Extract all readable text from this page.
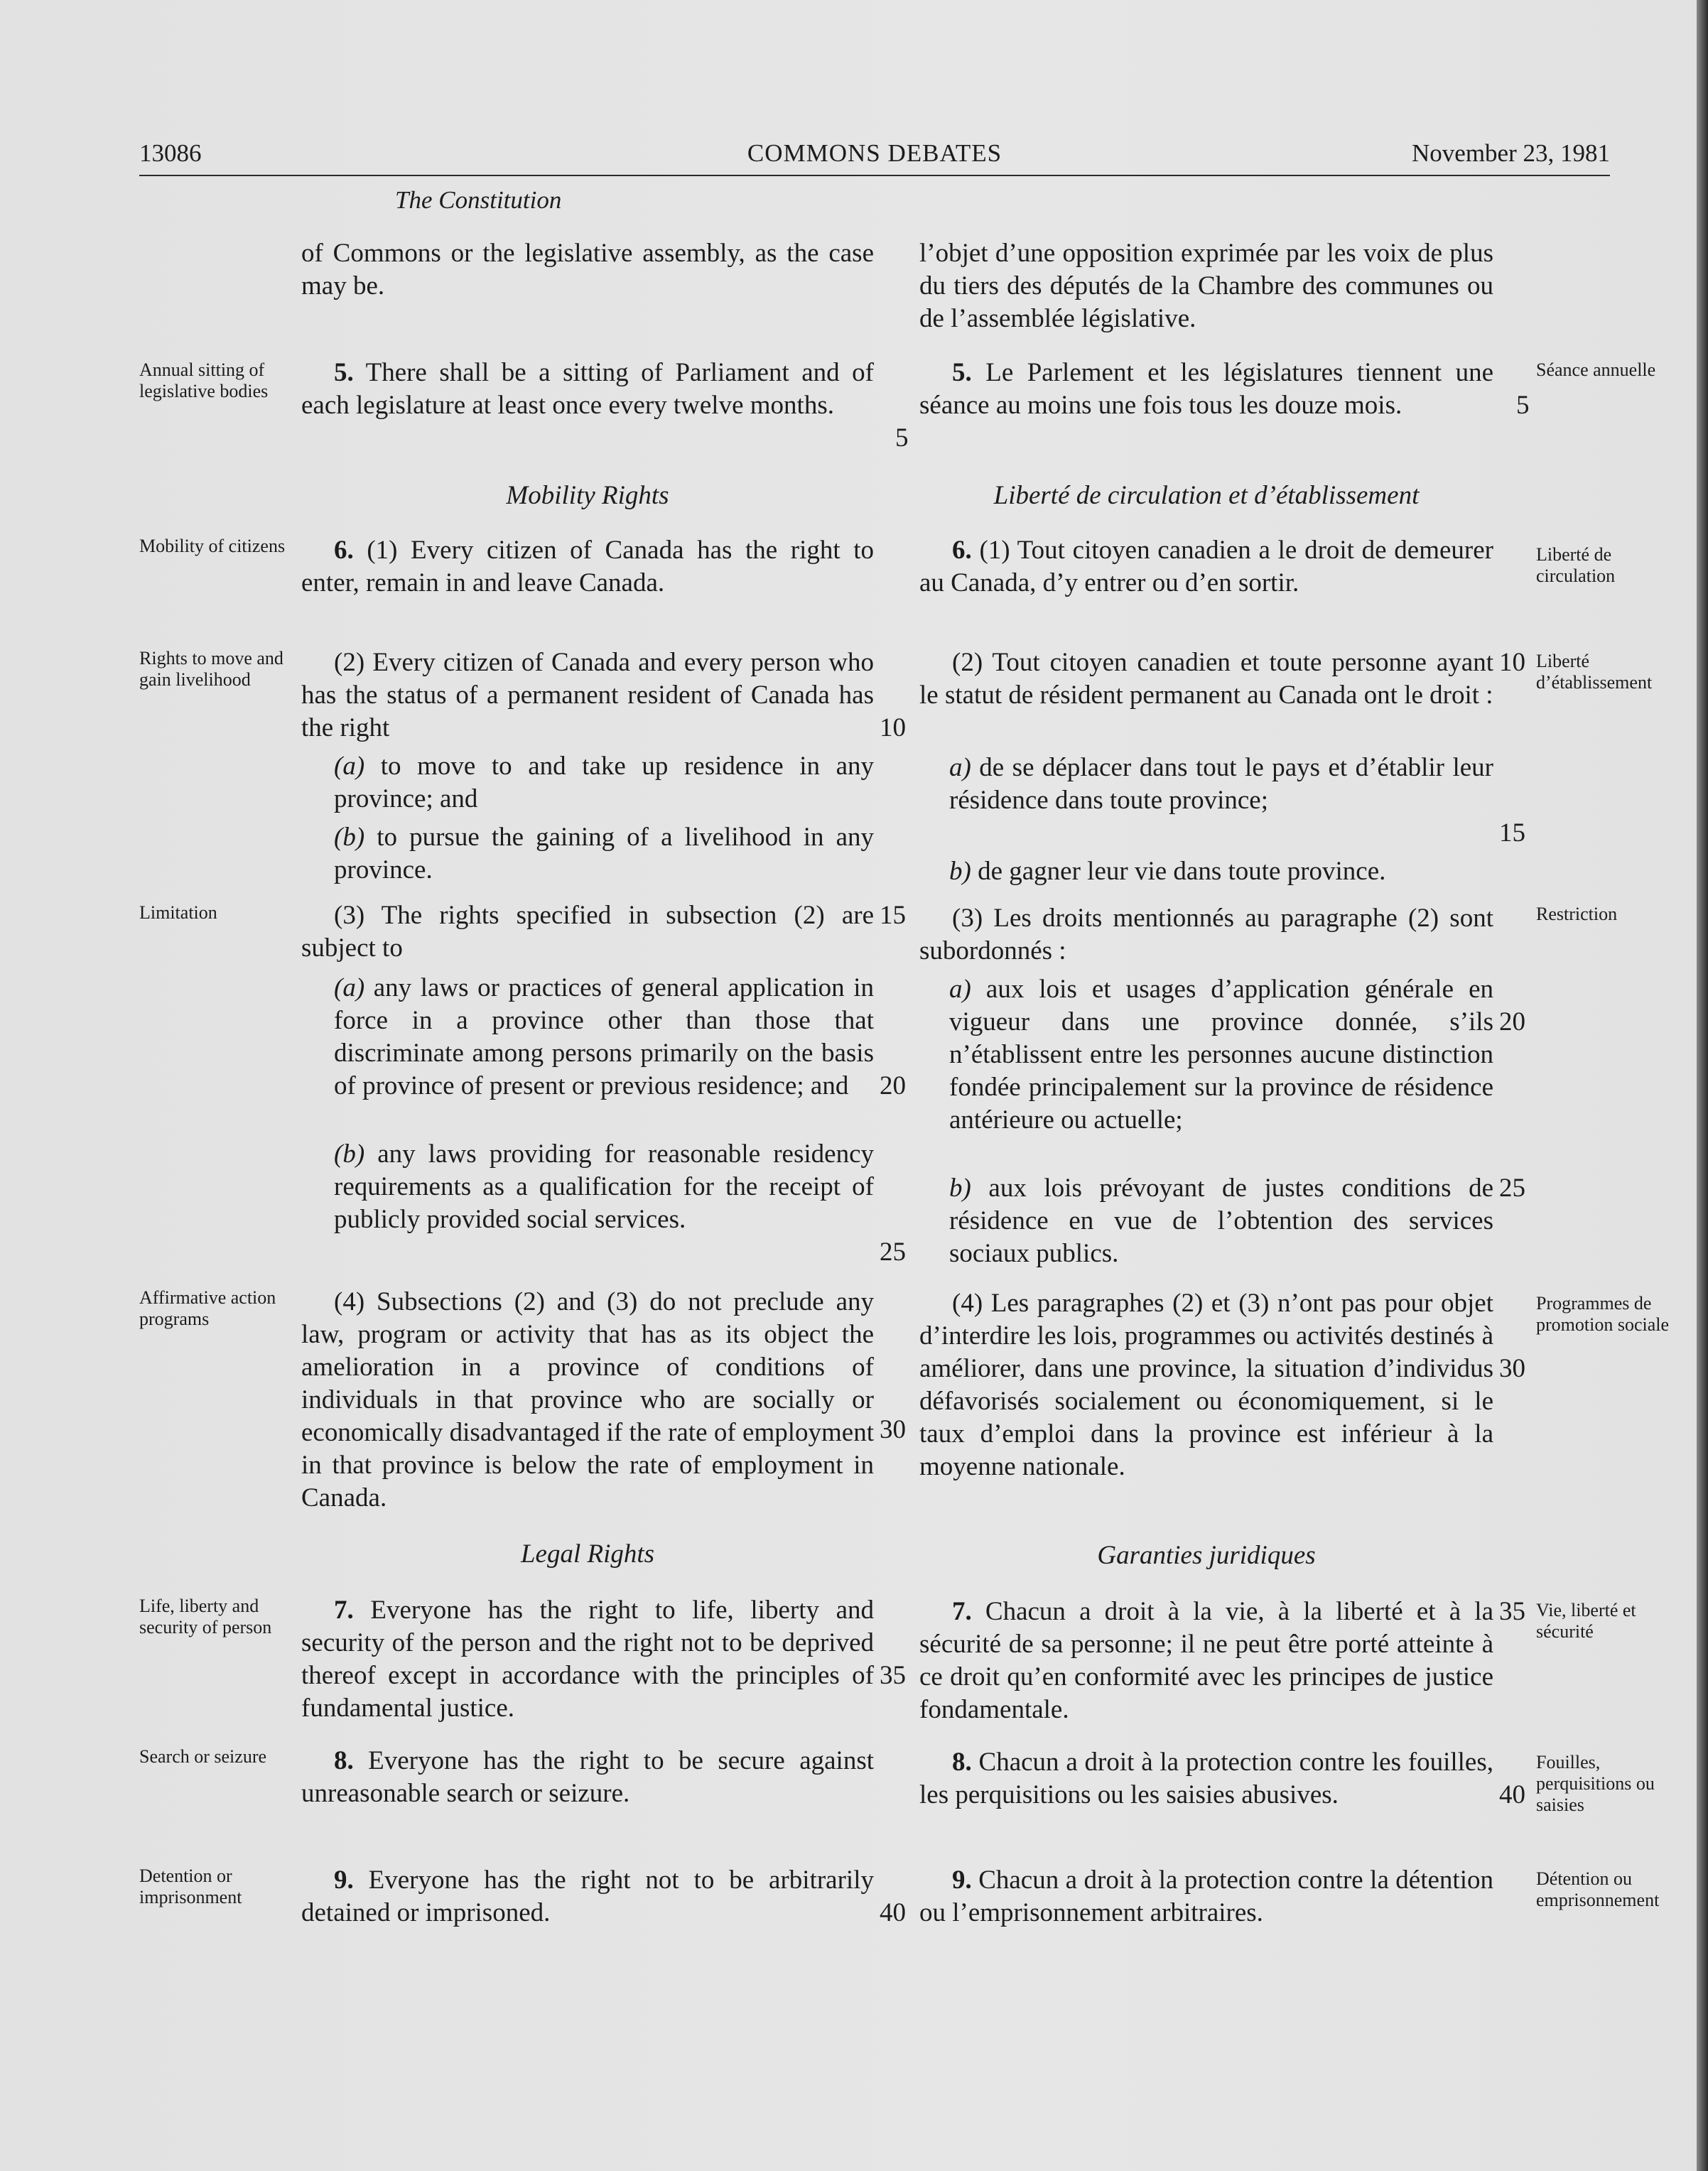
13086	COMMONS DEBATES	November 23, 1981
The Constitution
of Commons or the legislative assembly, as the case may be.
l’objet d’une opposition exprimée par les voix de plus du tiers des députés de la Chambre des communes ou de l’assemblée législative.
Annual sitting of legislative bodies
5. There shall be a sitting of Parliament and of each legislature at least once every twelve months.
5. Le Parlement et les législatures tiennent une séance au moins une fois tous les douze mois.
Séance annuelle
5
5
Mobility Rights	Liberté de circulation et d’établissement
Mobility of citizens	6. (1) Every citizen of Canada has the right to enter, remain in and leave Canada.
6. (1) Tout citoyen canadien a le droit de demeurer au Canada, d’y entrer ou d’en sortir.
Liberté de circulation
Rights to move and gain livelihood
(2) Every citizen of Canada and every person who has the status of a permanent resident of Canada has the right
(2) Tout citoyen canadien et toute personne ayant le statut de résident permanent au Canada ont le droit :
Liberté d’établissement
10
10
(a) to move to and take up residence in any province; and
a) de se déplacer dans tout le pays et d’établir leur résidence dans toute province;
15
(b) to pursue the gaining of a livelihood in any province.	b) de gagner leur vie dans toute province.
Limitation	(3) The rights specified in subsection (2) are subject to
(3) Les droits mentionnés au paragraphe (2) sont subordonnés :
Restriction
15
(a) any laws or practices of general application in force in a province other than those that discriminate among persons primarily on the basis of province of present or previous residence; and
a) aux lois et usages d’application générale en vigueur dans une province donnée, s’ils n’établissent entre les personnes aucune distinction fondée principalement sur la province de résidence antérieure ou actuelle;
20
20
(b) any laws providing for reasonable residency requirements as a qualification for the receipt of publicly provided social services.
b) aux lois prévoyant de justes conditions de résidence en vue de l’obtention des services sociaux publics.
25
25
Affirmative action programs
(4) Subsections (2) and (3) do not preclude any law, program or activity that has as its object the amelioration in a province of conditions of individuals in that province who are socially or economically disadvantaged if the rate of employment in that province is below the rate of employment in Canada.
(4) Les paragraphes (2) et (3) n’ont pas pour objet d’interdire les lois, programmes ou activités destinés à améliorer, dans une province, la situation d’individus défavorisés socialement ou économiquement, si le taux d’emploi dans la province est inférieur à la moyenne nationale.
Programmes de promotion sociale
30
30
Legal Rights	Garanties juridiques
Life, liberty and security of person
7. Everyone has the right to life, liberty and security of the person and the right not to be deprived thereof except in accordance with the principles of fundamental justice.
7. Chacun a droit à la vie, à la liberté et à la sécurité de sa personne; il ne peut être porté atteinte à ce droit qu’en conformité avec les principes de justice fondamentale.
Vie, liberté et sécurité
35
35
Search or seizure	8. Everyone has the right to be secure against unreasonable search or seizure.
8. Chacun a droit à la protection contre les fouilles, les perquisitions ou les saisies abusives.
Fouilles, perquisitions ou saisies
40
Detention or imprisonment
9. Everyone has the right not to be arbitrarily detained or imprisoned.
9. Chacun a droit à la protection contre la détention ou l’emprisonnement arbitraires.
Détention ou emprisonnement
40
